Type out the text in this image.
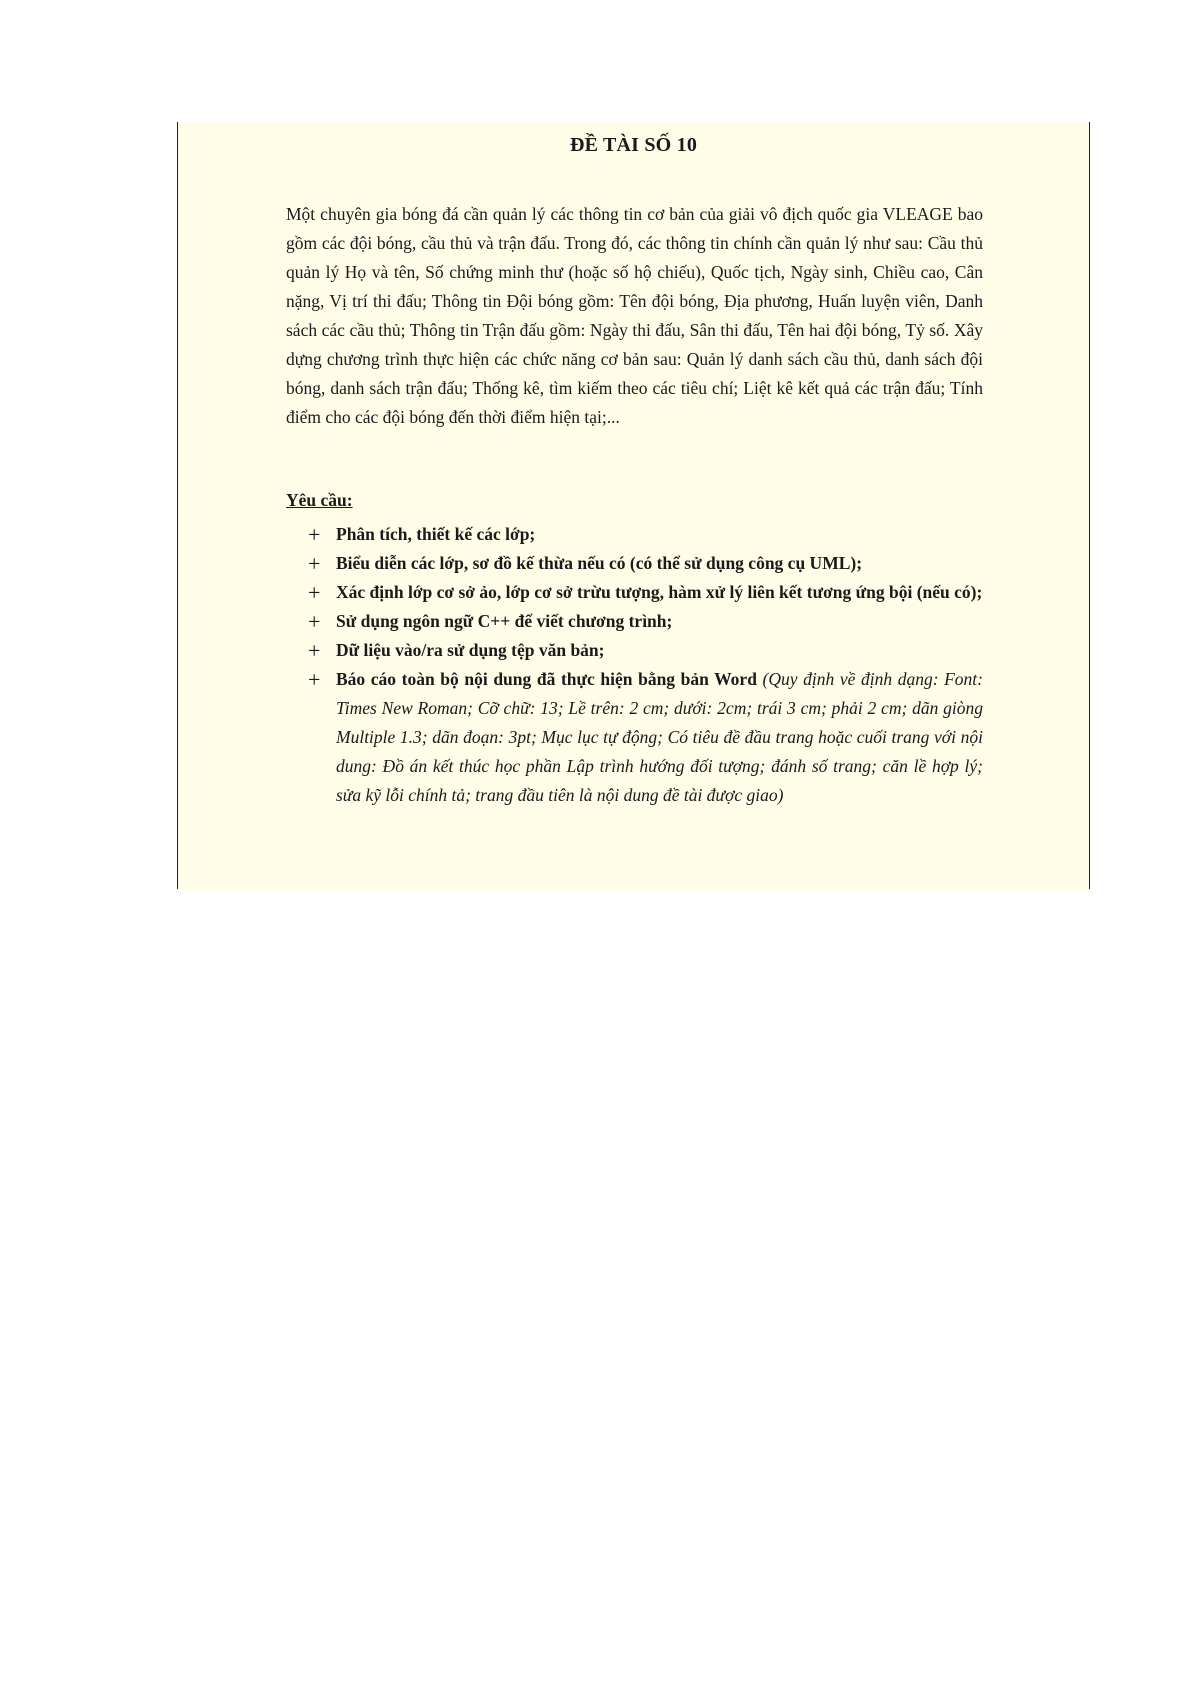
ĐỀ TÀI SỐ 10

Một chuyên gia bóng đá cần quản lý các thông tin cơ bản của giải vô địch quốc gia VLEAGE bao gồm các đội bóng, cầu thủ và trận đấu. Trong đó, các thông tin chính cần quản lý như sau: Cầu thủ quản lý Họ và tên, Số chứng minh thư (hoặc số hộ chiếu), Quốc tịch, Ngày sinh, Chiều cao, Cân nặng, Vị trí thi đấu; Thông tin Đội bóng gồm: Tên đội bóng, Địa phương, Huấn luyện viên, Danh sách các cầu thủ; Thông tin Trận đấu gồm: Ngày thi đấu, Sân thi đấu, Tên hai đội bóng, Tỷ số. Xây dựng chương trình thực hiện các chức năng cơ bản sau: Quản lý danh sách cầu thủ, danh sách đội bóng, danh sách trận đấu; Thống kê, tìm kiếm theo các tiêu chí; Liệt kê kết quả các trận đấu; Tính điểm cho các đội bóng đến thời điểm hiện tại;...

Yêu cầu:

+ Phân tích, thiết kế các lớp;
+ Biểu diễn các lớp, sơ đồ kế thừa nếu có (có thể sử dụng công cụ UML);
+ Xác định lớp cơ sở ảo, lớp cơ sở trừu tượng, hàm xử lý liên kết tương ứng bội (nếu có);
+ Sử dụng ngôn ngữ C++ để viết chương trình;
+ Dữ liệu vào/ra sử dụng tệp văn bản;
+ Báo cáo toàn bộ nội dung đã thực hiện bằng bản Word (Quy định về định dạng: Font: Times New Roman; Cỡ chữ: 13; Lề trên: 2 cm; dưới: 2cm; trái 3 cm; phải 2 cm; dãn giòng Multiple 1.3; dãn đoạn: 3pt; Mục lục tự động; Có tiêu đề đầu trang hoặc cuối trang với nội dung: Đồ án kết thúc học phần Lập trình hướng đối tượng; đánh số trang; căn lề hợp lý; sửa kỹ lỗi chính tả; trang đầu tiên là nội dung đề tài được giao)
